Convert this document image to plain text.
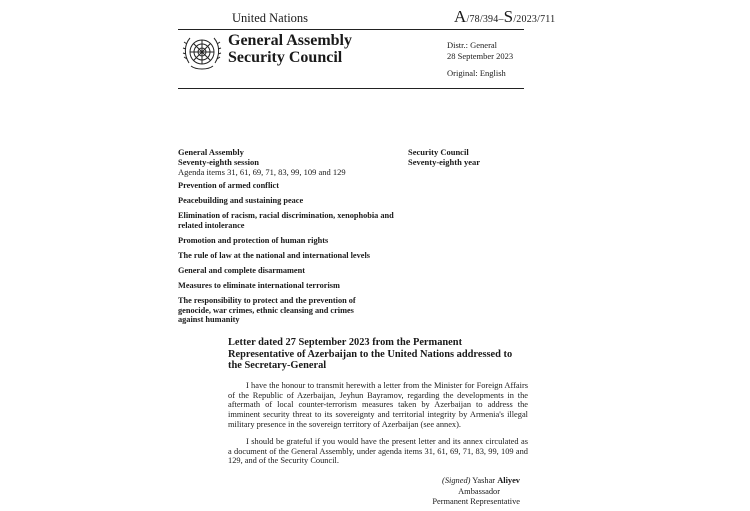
United Nations	A/78/394–S/2023/711
General Assembly
Security Council
Distr.: General
28 September 2023
Original: English
General Assembly
Seventy-eighth session
Agenda items 31, 61, 69, 71, 83, 99, 109 and 129
Security Council
Seventy-eighth year
Prevention of armed conflict
Peacebuilding and sustaining peace
Elimination of racism, racial discrimination, xenophobia and related intolerance
Promotion and protection of human rights
The rule of law at the national and international levels
General and complete disarmament
Measures to eliminate international terrorism
The responsibility to protect and the prevention of genocide, war crimes, ethnic cleansing and crimes against humanity
Letter dated 27 September 2023 from the Permanent Representative of Azerbaijan to the United Nations addressed to the Secretary-General
I have the honour to transmit herewith a letter from the Minister for Foreign Affairs of the Republic of Azerbaijan, Jeyhun Bayramov, regarding the developments in the aftermath of local counter-terrorism measures taken by Azerbaijan to address the imminent security threat to its sovereignty and territorial integrity by Armenia's illegal military presence in the sovereign territory of Azerbaijan (see annex).
I should be grateful if you would have the present letter and its annex circulated as a document of the General Assembly, under agenda items 31, 61, 69, 71, 83, 99, 109 and 129, and of the Security Council.
(Signed) Yashar Aliyev
Ambassador
Permanent Representative
